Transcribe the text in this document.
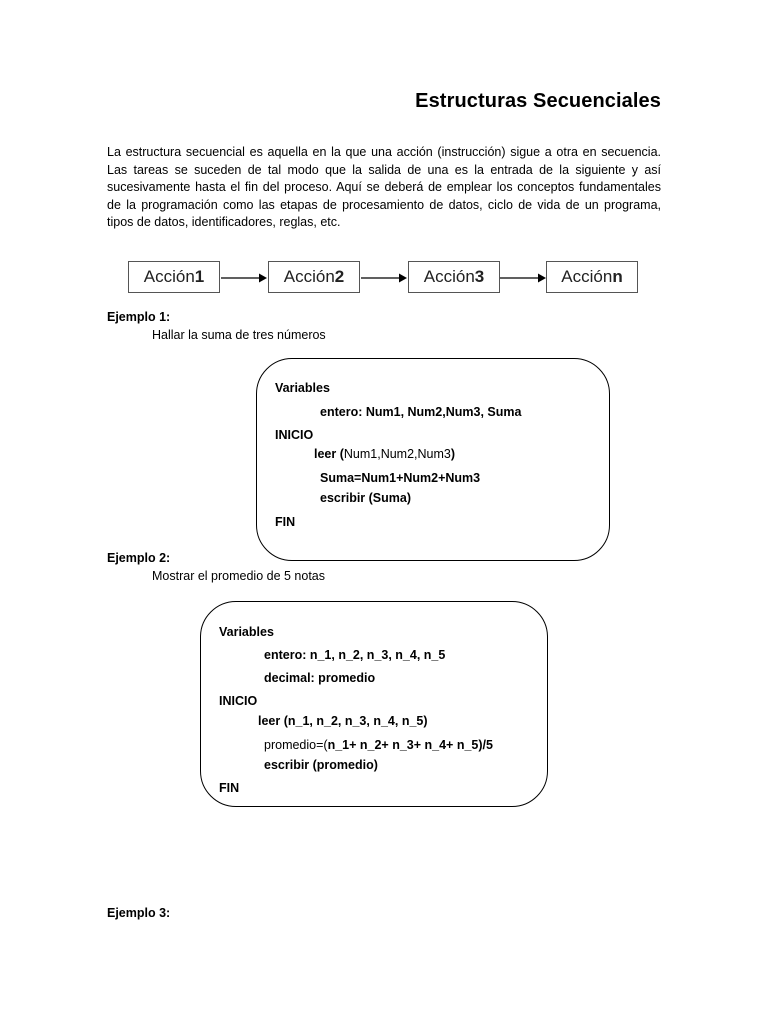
Estructuras Secuenciales

La estructura secuencial es aquella en la que una acción (instrucción) sigue a otra en secuencia. Las tareas se suceden de tal modo que la salida de una es la entrada de la siguiente y así sucesivamente hasta el fin del proceso. Aquí se deberá de emplear los conceptos fundamentales de la programación como las etapas de procesamiento de datos, ciclo de vida de un programa, tipos de datos, identificadores, reglas, etc.

Acción1	Acción2	Acción3	Acciónn
Ejemplo 1:
Hallar la suma de tres números
Variables
entero: Num1, Num2,Num3, Suma
INICIO
leer (Num1,Num2,Num3)
Suma=Num1+Num2+Num3
escribir (Suma)
FIN
Ejemplo 2:
Mostrar el promedio de 5 notas
Variables
entero: n_1, n_2, n_3, n_4, n_5
decimal: promedio
INICIO
leer (n_1, n_2, n_3, n_4, n_5)
promedio=(n_1+ n_2+ n_3+ n_4+ n_5)/5
escribir (promedio)
FIN
Ejemplo 3:
